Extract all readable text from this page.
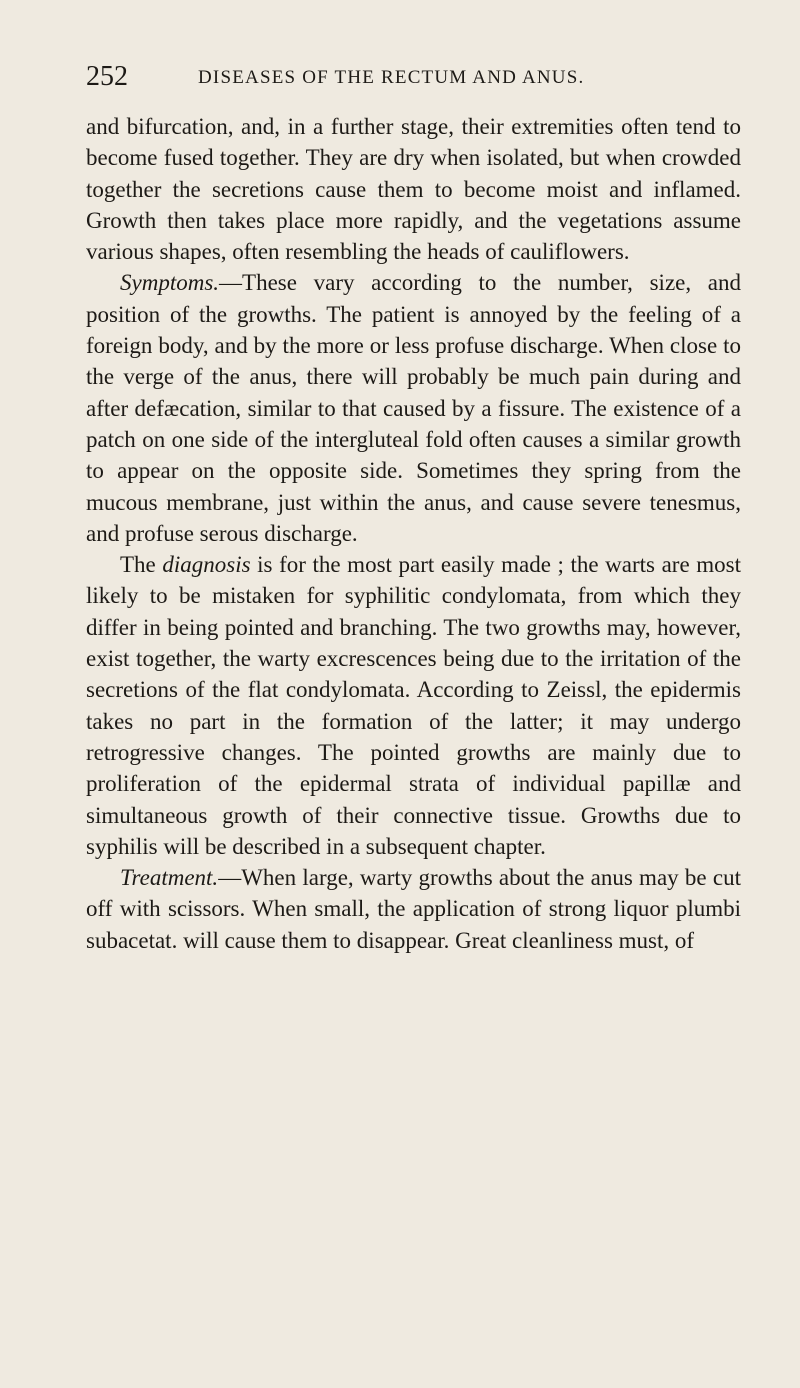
252	DISEASES OF THE RECTUM AND ANUS.

and bifurcation, and, in a further stage, their extremities often tend to become fused together. They are dry when isolated, but when crowded together the secretions cause them to become moist and inflamed. Growth then takes place more rapidly, and the vegetations assume various shapes, often resembling the heads of cauliflowers.

Symptoms.—These vary according to the number, size, and position of the growths. The patient is annoyed by the feeling of a foreign body, and by the more or less profuse discharge. When close to the verge of the anus, there will probably be much pain during and after defæcation, similar to that caused by a fissure. The existence of a patch on one side of the intergluteal fold often causes a similar growth to appear on the opposite side. Sometimes they spring from the mucous membrane, just within the anus, and cause severe tenesmus, and profuse serous discharge.

The diagnosis is for the most part easily made ; the warts are most likely to be mistaken for syphilitic condylomata, from which they differ in being pointed and branching. The two growths may, however, exist together, the warty excrescences being due to the irritation of the secretions of the flat condylomata. According to Zeissl, the epidermis takes no part in the formation of the latter; it may undergo retrogressive changes. The pointed growths are mainly due to proliferation of the epidermal strata of individual papillæ and simultaneous growth of their connective tissue. Growths due to syphilis will be described in a subsequent chapter.

Treatment.—When large, warty growths about the anus may be cut off with scissors. When small, the application of strong liquor plumbi subacetat. will cause them to disappear. Great cleanliness must, of
